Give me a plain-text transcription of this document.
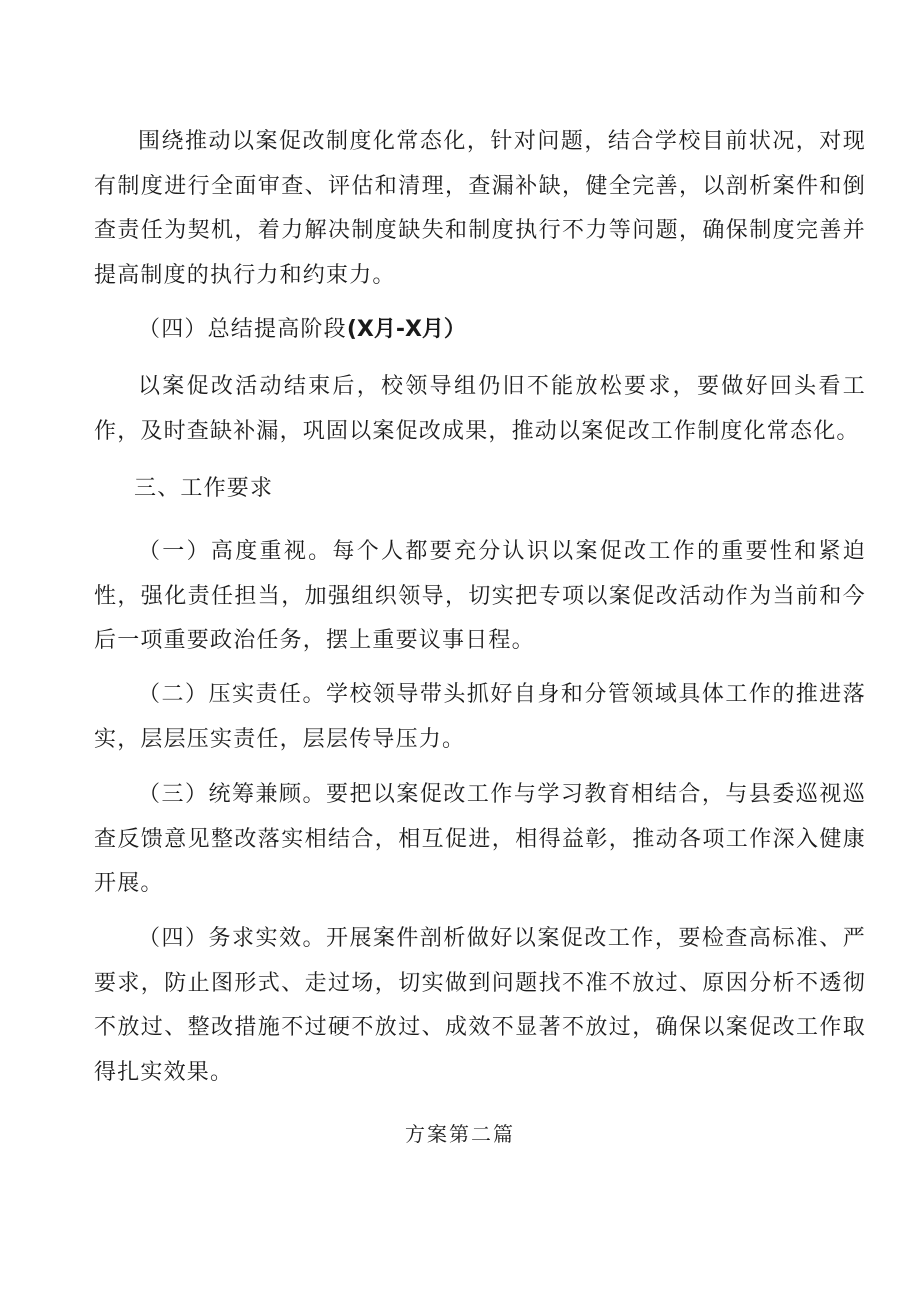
围绕推动以案促改制度化常态化，针对问题，结合学校目前状况，对现有制度进行全面审查、评估和清理，查漏补缺，健全完善，以剖析案件和倒查责任为契机，着力解决制度缺失和制度执行不力等问题，确保制度完善并提高制度的执行力和约束力。

（四）总结提高阶段(X月-X月）

以案促改活动结束后，校领导组仍旧不能放松要求，要做好回头看工作，及时查缺补漏，巩固以案促改成果，推动以案促改工作制度化常态化。

三、工作要求

（一）高度重视。每个人都要充分认识以案促改工作的重要性和紧迫性，强化责任担当，加强组织领导，切实把专项以案促改活动作为当前和今后一项重要政治任务，摆上重要议事日程。

（二）压实责任。学校领导带头抓好自身和分管领域具体工作的推进落实，层层压实责任，层层传导压力。

（三）统筹兼顾。要把以案促改工作与学习教育相结合，与县委巡视巡查反馈意见整改落实相结合，相互促进，相得益彰，推动各项工作深入健康开展。

（四）务求实效。开展案件剖析做好以案促改工作，要检查高标准、严要求，防止图形式、走过场，切实做到问题找不准不放过、原因分析不透彻不放过、整改措施不过硬不放过、成效不显著不放过，确保以案促改工作取得扎实效果。

方案第二篇
